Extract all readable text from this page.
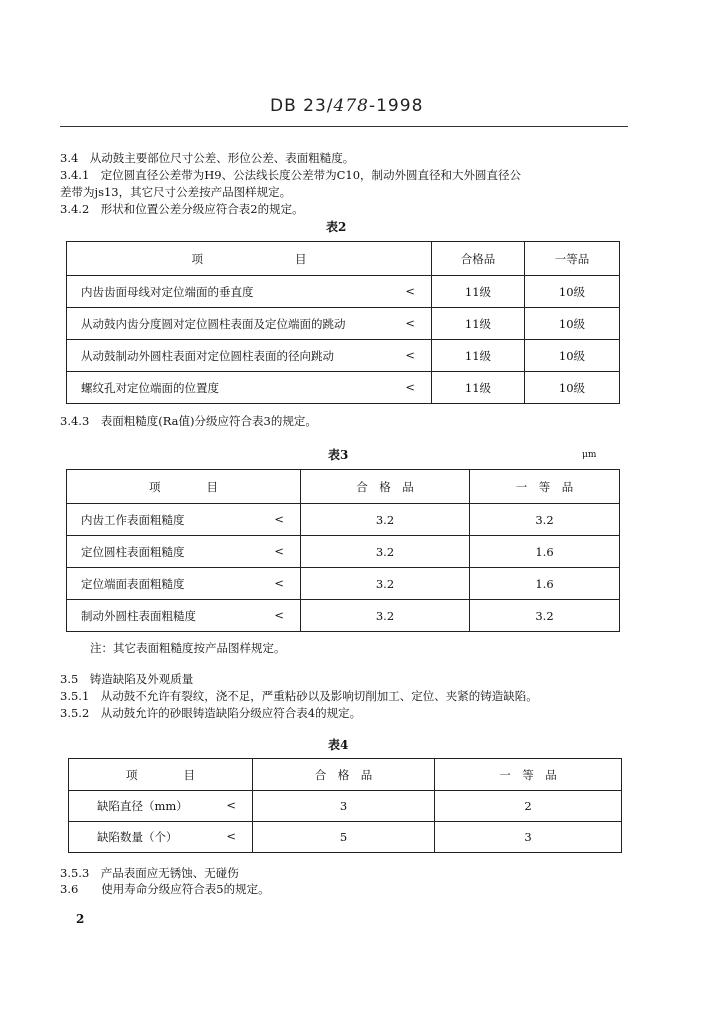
DB 23/478-1998
3.4　从动鼓主要部位尺寸公差、形位公差、表面粗糙度。
3.4.1　定位圆直径公差带为H9、公法线长度公差带为C10，制动外圆直径和大外圆直径公
差带为js13，其它尺寸公差按产品图样规定。
3.4.2　形状和位置公差分级应符合表2的规定。
表2
项　　　　　　　　目	合格品	一等品
内齿齿面母线对定位端面的垂直度 <	11级	10级
从动鼓内齿分度圆对定位圆柱表面及定位端面的跳动 <	11级	10级
从动鼓制动外圆柱表面对定位圆柱表面的径向跳动 <	11级	10级
螺纹孔对定位端面的位置度 <	11级	10级
3.4.3　表面粗糙度(Ra值)分级应符合表3的规定。
表3	μm
项　　　　目	合　格　品	一　等　品
内齿工作表面粗糙度 <	3.2	3.2
定位圆柱表面粗糙度 <	3.2	1.6
定位端面表面粗糙度 <	3.2	1.6
制动外圆柱表面粗糙度 <	3.2	3.2
注：其它表面粗糙度按产品图样规定。
3.5　铸造缺陷及外观质量
3.5.1　从动鼓不允许有裂纹，浇不足，严重粘砂以及影响切削加工、定位、夹紧的铸造缺陷。
3.5.2　从动鼓允许的砂眼铸造缺陷分级应符合表4的规定。
表4
项　　　　目	合　格　品	一　等　品
缺陷直径（mm） <	3	2
缺陷数量（个） <	5	3
3.5.3　产品表面应无锈蚀、无碰伤
3.6　　使用寿命分级应符合表5的规定。
2
